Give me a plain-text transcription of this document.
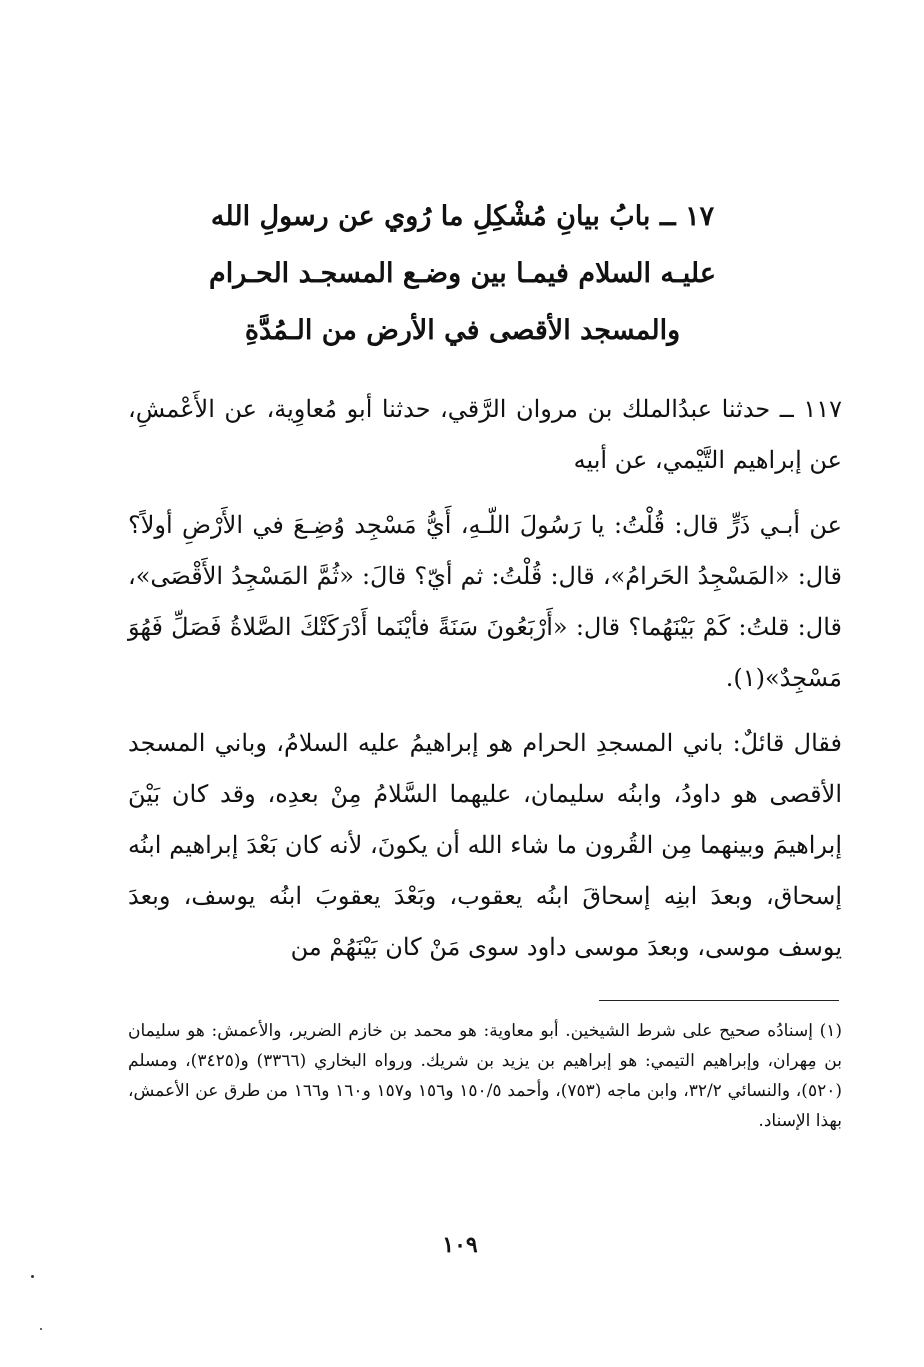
١٧ ــ بابُ بيانِ مُشْكِلِ ما رُوي عن رسولِ الله
عليـه السلام فيمـا بين وضـع المسجـد الحـرام
والمسجد الأقصى في الأرض من الـمُدَّةِ

١١٧ ــ حدثنا عبدُالملك بن مروان الرَّقي، حدثنا أبو مُعاوِية، عن الأَعْمشِ، عن إبراهيم التَّيْمي، عن أبيه

عن أبـي ذَرٍّ قال: قُلْتُ: يا رَسُولَ اللّـهِ، أَيُّ مَسْجِد وُضِـعَ في الأَرْضِ أولاً؟ قال: «المَسْجِدُ الحَرامُ»، قال: قُلْتُ: ثم أيّ؟ قالَ: «ثُمَّ المَسْجِدُ الأَقْصَى»، قال: قلتُ: كَمْ بَيْنَهُما؟ قال: «أَرْبَعُونَ سَنَةً فأيْنَما أَدْرَكَتْكَ الصَّلاةُ فَصَلِّ فَهُوَ مَسْجِدٌ»(١).

فقال قائلٌ: باني المسجدِ الحرام هو إبراهيمُ عليه السلامُ، وباني المسجد الأقصى هو داودُ، وابنُه سليمان، عليهما السَّلامُ مِنْ بعدِه، وقد كان بَيْنَ إبراهيمَ وبينهما مِن القُرون ما شاء الله أن يكونَ، لأنه كان بَعْدَ إبراهيم ابنُه إسحاق، وبعدَ ابنِه إسحاقَ ابنُه يعقوب، وبَعْدَ يعقوبَ ابنُه يوسف، وبعدَ يوسف موسى، وبعدَ موسى داود سوى مَنْ كان بَيْنَهُمْ من

(١) إسنادُه صحيح على شرط الشيخين. أبو معاوية: هو محمد بن خازم الضرير، والأعمش: هو سليمان بن مِهران، وإبراهيم التيمي: هو إبراهيم بن يزيد بن شريك. ورواه البخاري (٣٣٦٦) و(٣٤٢٥)، ومسلم (٥٢٠)، والنسائي ٣٢/٢، وابن ماجه (٧٥٣)، وأحمد ١٥٠/٥ و١٥٦ و١٥٧ و١٦٠ و١٦٦ من طرق عن الأعمش، بهذا الإسناد.
١٠٩
